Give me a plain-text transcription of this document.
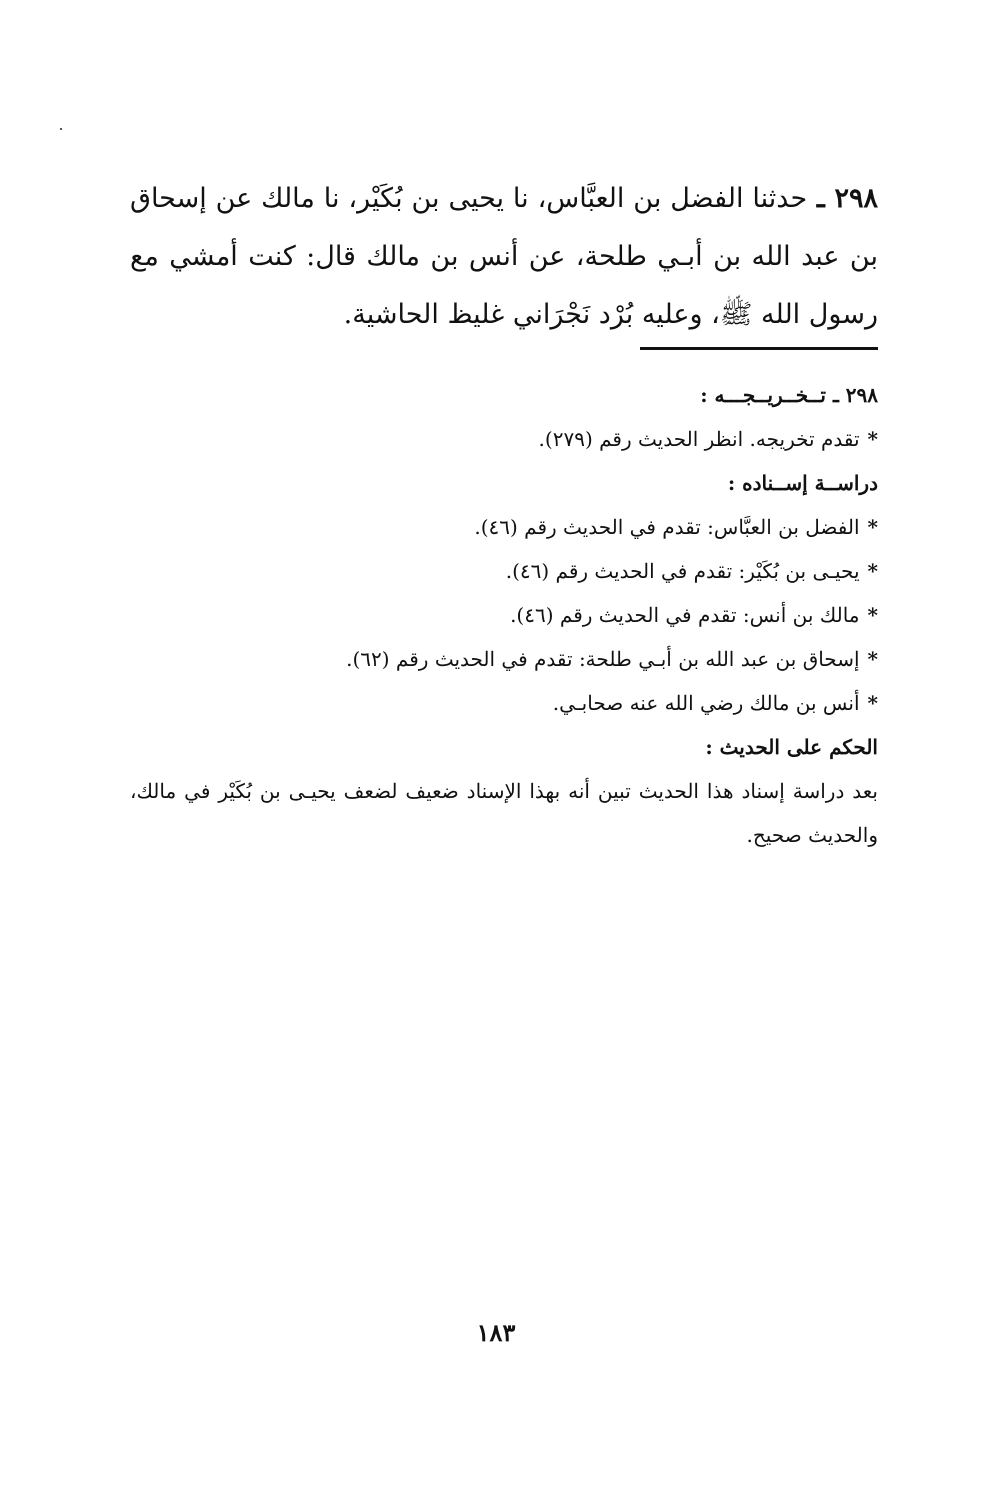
٢٩٨ ـ حدثنا الفضل بن العبَّاس، نا يحيى بن بُكَيْر، نا مالك عن إسحاق بن عبد الله بن أبـي طلحة، عن أنس بن مالك قال: كنت أمشي مع رسول الله ﷺ، وعليه بُرْد نَجْرَاني غليظ الحاشية.
٢٩٨ ـ تــخــريــجـــه :
*تقدم تخريجه. انظر الحديث رقم (٢٧٩).
دراســة إســناده :
*الفضل بن العبَّاس: تقدم في الحديث رقم (٤٦).
*يحيـى بن بُكَيْر: تقدم في الحديث رقم (٤٦).
*مالك بن أنس: تقدم في الحديث رقم (٤٦).
*إسحاق بن عبد الله بن أبـي طلحة: تقدم في الحديث رقم (٦٢).
*أنس بن مالك رضي الله عنه صحابـي.
الحكم على الحديث :
بعد دراسة إسناد هذا الحديث تبين أنه بهذا الإسناد ضعيف لضعف يحيـى بن بُكَيْر في مالك، والحديث صحيح.
١٨٣
